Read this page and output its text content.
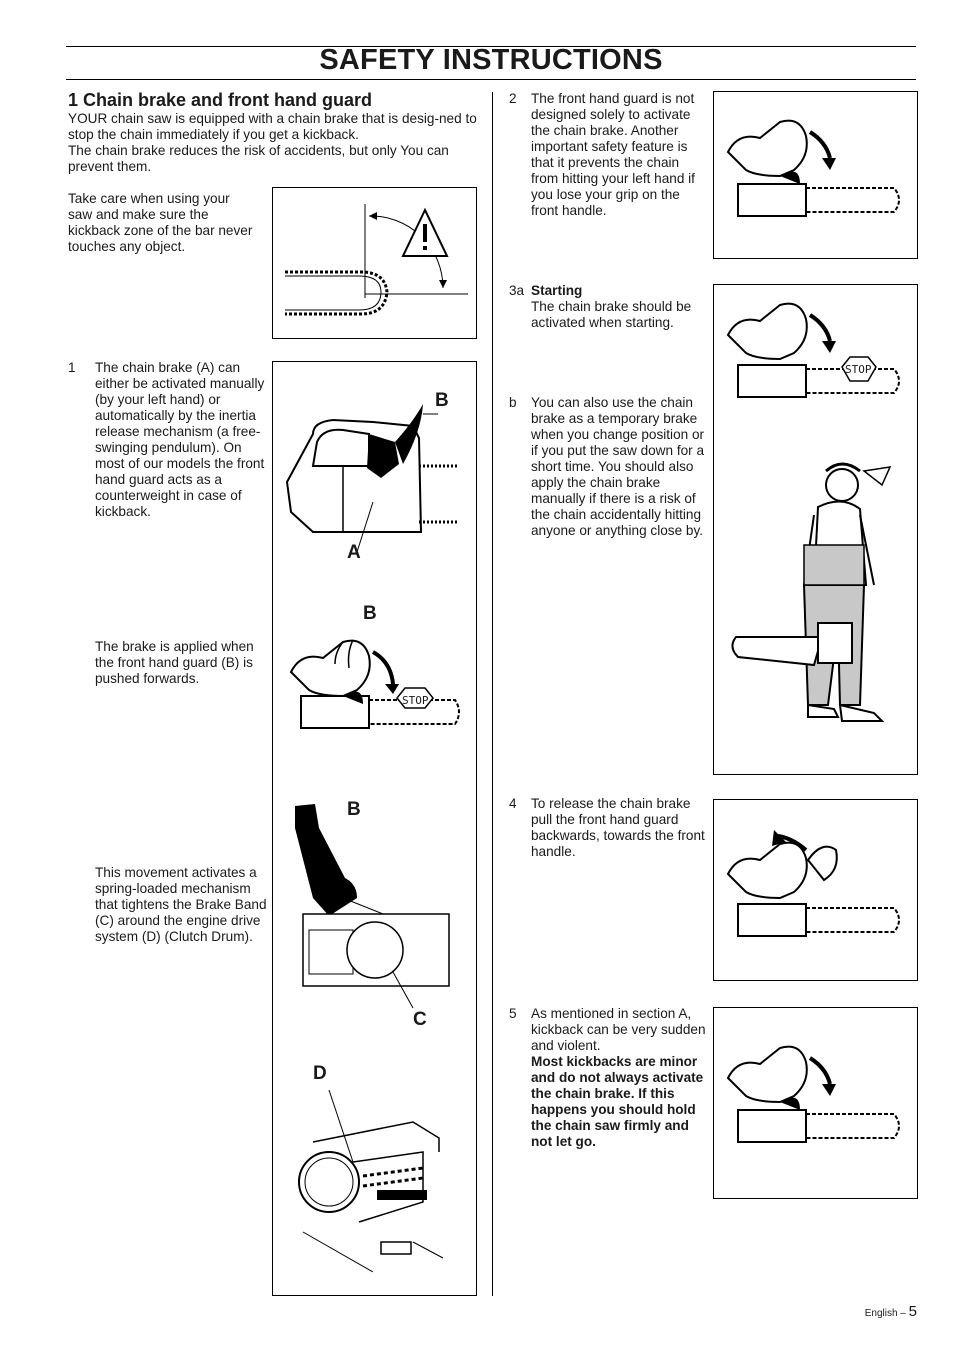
SAFETY INSTRUCTIONS
1 Chain brake and front hand guard

YOUR chain saw is equipped with a chain brake that is desig-ned to stop the chain immediately if you get a kickback.

The chain brake reduces the risk of accidents, but only You can prevent them.

Take care when using your saw and make sure the kickback zone of the bar never touches any object.
B
A
B
STOP
B
C
D
1 The chain brake (A) can either be activated manually (by your left hand) or automatically by the inertia release mechanism (a free-swinging pendulum). On most of our models the front hand guard acts as a counterweight in case of kickback.
The brake is applied when the front hand guard (B) is pushed forwards.
This movement activates a spring-loaded mechanism that tightens the Brake Band (C) around the engine drive system (D) (Clutch Drum).
2 The front hand guard is not designed solely to activate the chain brake. Another important safety feature is that it prevents the chain from hitting your left hand if you lose your grip on the front handle.
3a Starting

The chain brake should be activated when starting.

b You can also use the chain brake as a temporary brake when you change position or if you put the saw down for a short time. You should also apply the chain brake manually if there is a risk of the chain accidentally hitting anyone or anything close by.
STOP
4 To release the chain brake pull the front hand guard backwards, towards the front handle.
5 As mentioned in section A, kickback can be very sudden and violent.

Most kickbacks are minor and do not always activate the chain brake. If this happens you should hold the chain saw firmly and not let go.

English – 5
